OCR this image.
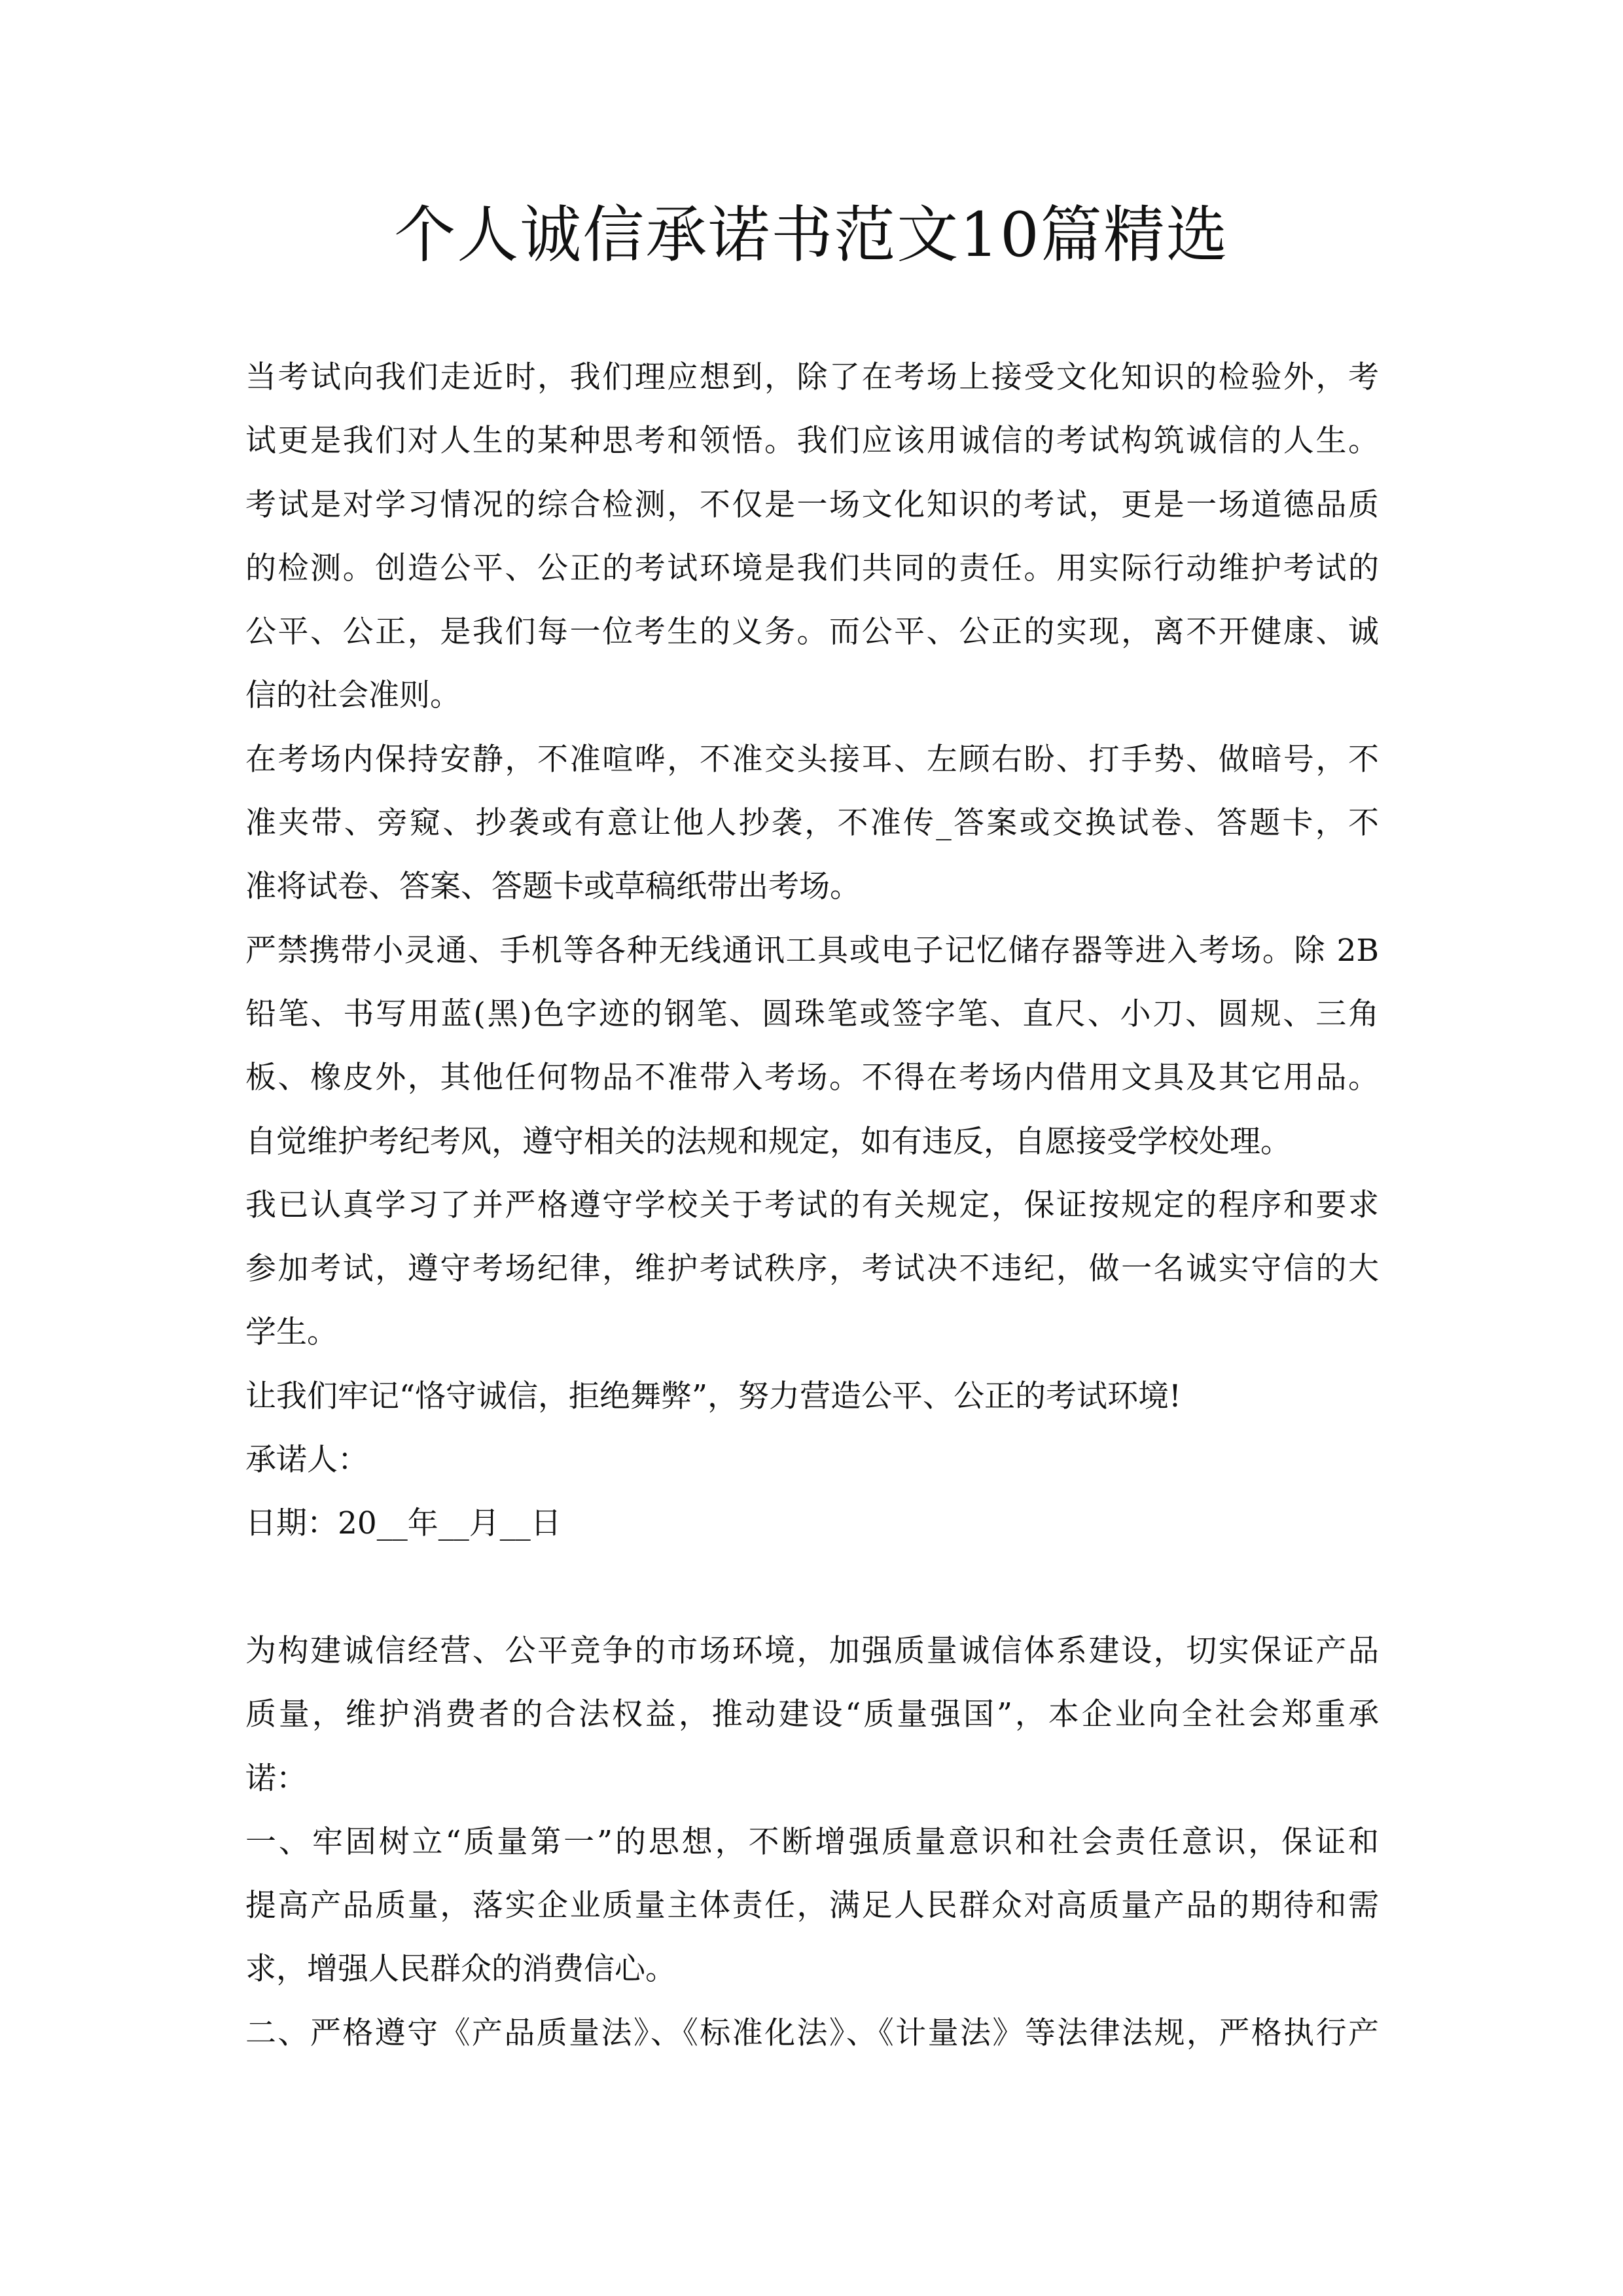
个人诚信承诺书范文10篇精选
当考试向我们走近时，我们理应想到，除了在考场上接受文化知识的检验外，考
试更是我们对人生的某种思考和领悟。我们应该用诚信的考试构筑诚信的人生。
考试是对学习情况的综合检测，不仅是一场文化知识的考试，更是一场道德品质
的检测。创造公平、公正的考试环境是我们共同的责任。用实际行动维护考试的
公平、公正，是我们每一位考生的义务。而公平、公正的实现，离不开健康、诚
信的社会准则。
在考场内保持安静，不准喧哗，不准交头接耳、左顾右盼、打手势、做暗号，不
准夹带、旁窥、抄袭或有意让他人抄袭，不准传_答案或交换试卷、答题卡，不
准将试卷、答案、答题卡或草稿纸带出考场。
严禁携带小灵通、手机等各种无线通讯工具或电子记忆储存器等进入考场。除 2B
铅笔、书写用蓝(黑)色字迹的钢笔、圆珠笔或签字笔、直尺、小刀、圆规、三角
板、橡皮外，其他任何物品不准带入考场。不得在考场内借用文具及其它用品。
自觉维护考纪考风，遵守相关的法规和规定，如有违反，自愿接受学校处理。
我已认真学习了并严格遵守学校关于考试的有关规定，保证按规定的程序和要求
参加考试，遵守考场纪律，维护考试秩序，考试决不违纪，做一名诚实守信的大
学生。
让我们牢记“恪守诚信，拒绝舞弊”，努力营造公平、公正的考试环境!
承诺人：
日期：20__年__月__日
为构建诚信经营、公平竞争的市场环境，加强质量诚信体系建设，切实保证产品
质量，维护消费者的合法权益，推动建设“质量强国”，本企业向全社会郑重承
诺：
一、牢固树立“质量第一”的思想，不断增强质量意识和社会责任意识，保证和
提高产品质量，落实企业质量主体责任，满足人民群众对高质量产品的期待和需
求，增强人民群众的消费信心。
二、严格遵守《产品质量法》、《标准化法》、《计量法》等法律法规，严格执行产
